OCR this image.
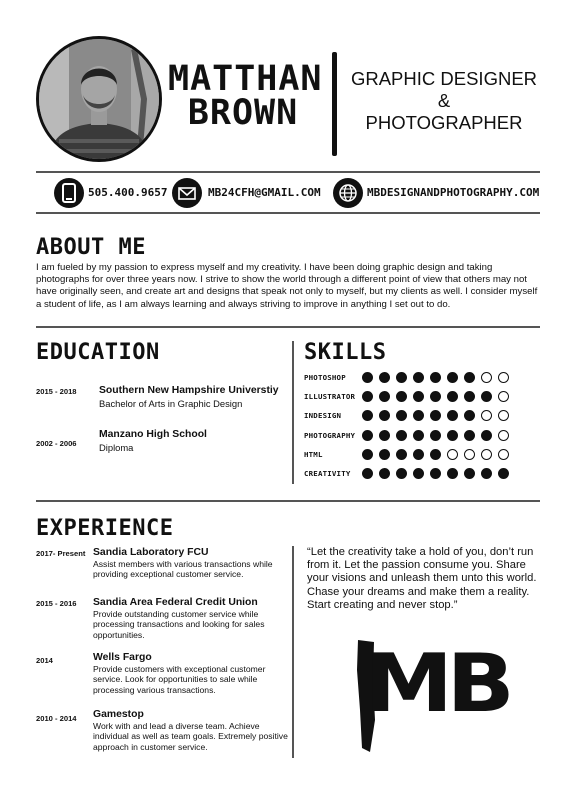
MATTHAN
BROWN
GRAPHIC DESIGNER
&
PHOTOGRAPHER
505.400.9657	MB24CFH@GMAIL.COM	MBDESIGNANDPHOTOGRAPHY.COM
ABOUT ME
I am fueled by my passion to express myself and my creativity. I have been doing graphic design and taking photographs for over three years now. I strive to show the world through a different point of view that others may not have originally seen, and create art and designs that speak not only to myself, but my clients as well. I consider myself a student of life, as I am always learning and always striving to improve in anything I set out to do.
EDUCATION
2015 - 2018 Southern New Hampshire Universtiy
Bachelor of Arts in Graphic Design
2002 - 2006
Manzano High School
Diploma
SKILLS
PHOTOSHOP
ILLUSTRATOR
INDESIGN
PHOTOGRAPHY
HTML
CREATIVITY
EXPERIENCE
2017- Present Sandia Laboratory FCU
Assist members with various transactions while providing exceptional customer service.
2015 - 2016 Sandia Area Federal Credit Union
Provide outstanding customer service while processing transactions and looking for sales opportunities.
2014	Wells Fargo
Provide customers with exceptional customer service. Look for opportunities to sale while processing various transactions.
2010 - 2014 Gamestop
Work with and lead a diverse team. Achieve individual as well as team goals. Extremely positive approach in customer service.
“Let the creativity take a hold of you, don’t run from it. Let the passion consume you. Share your visions and unleash them unto this world. Chase your dreams and make them a reality. Start creating and never stop.”
MB
